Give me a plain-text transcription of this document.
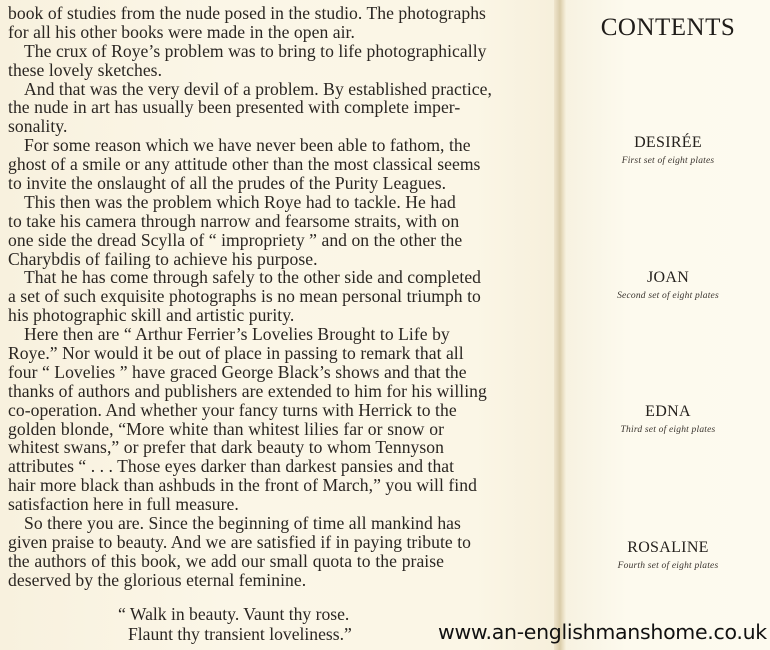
book of studies from the nude posed in the studio. The photographs
for all his other books were made in the open air.
The crux of Roye’s problem was to bring to life photographically
these lovely sketches.
And that was the very devil of a problem. By established practice,
the nude in art has usually been presented with complete imper-
sonality.
For some reason which we have never been able to fathom, the
ghost of a smile or any attitude other than the most classical seems
to invite the onslaught of all the prudes of the Purity Leagues.
This then was the problem which Roye had to tackle. He had
to take his camera through narrow and fearsome straits, with on
one side the dread Scylla of “ impropriety ” and on the other the
Charybdis of failing to achieve his purpose.
That he has come through safely to the other side and completed
a set of such exquisite photographs is no mean personal triumph to
his photographic skill and artistic purity.
Here then are “ Arthur Ferrier’s Lovelies Brought to Life by
Roye.” Nor would it be out of place in passing to remark that all
four “ Lovelies ” have graced George Black’s shows and that the
thanks of authors and publishers are extended to him for his willing
co-operation. And whether your fancy turns with Herrick to the
golden blonde, “More white than whitest lilies far or snow or
whitest swans,” or prefer that dark beauty to whom Tennyson
attributes “ . . . Those eyes darker than darkest pansies and that
hair more black than ashbuds in the front of March,” you will find
satisfaction here in full measure.
So there you are. Since the beginning of time all mankind has
given praise to beauty. And we are satisfied if in paying tribute to
the authors of this book, we add our small quota to the praise
deserved by the glorious eternal feminine.
“ Walk in beauty. Vaunt thy rose.
Flaunt thy transient loveliness.”
CONTENTS
DESIRÉE
First set of eight plates
JOAN
Second set of eight plates
EDNA
Third set of eight plates
ROSALINE
Fourth set of eight plates
www.an-englishmanshome.co.uk
